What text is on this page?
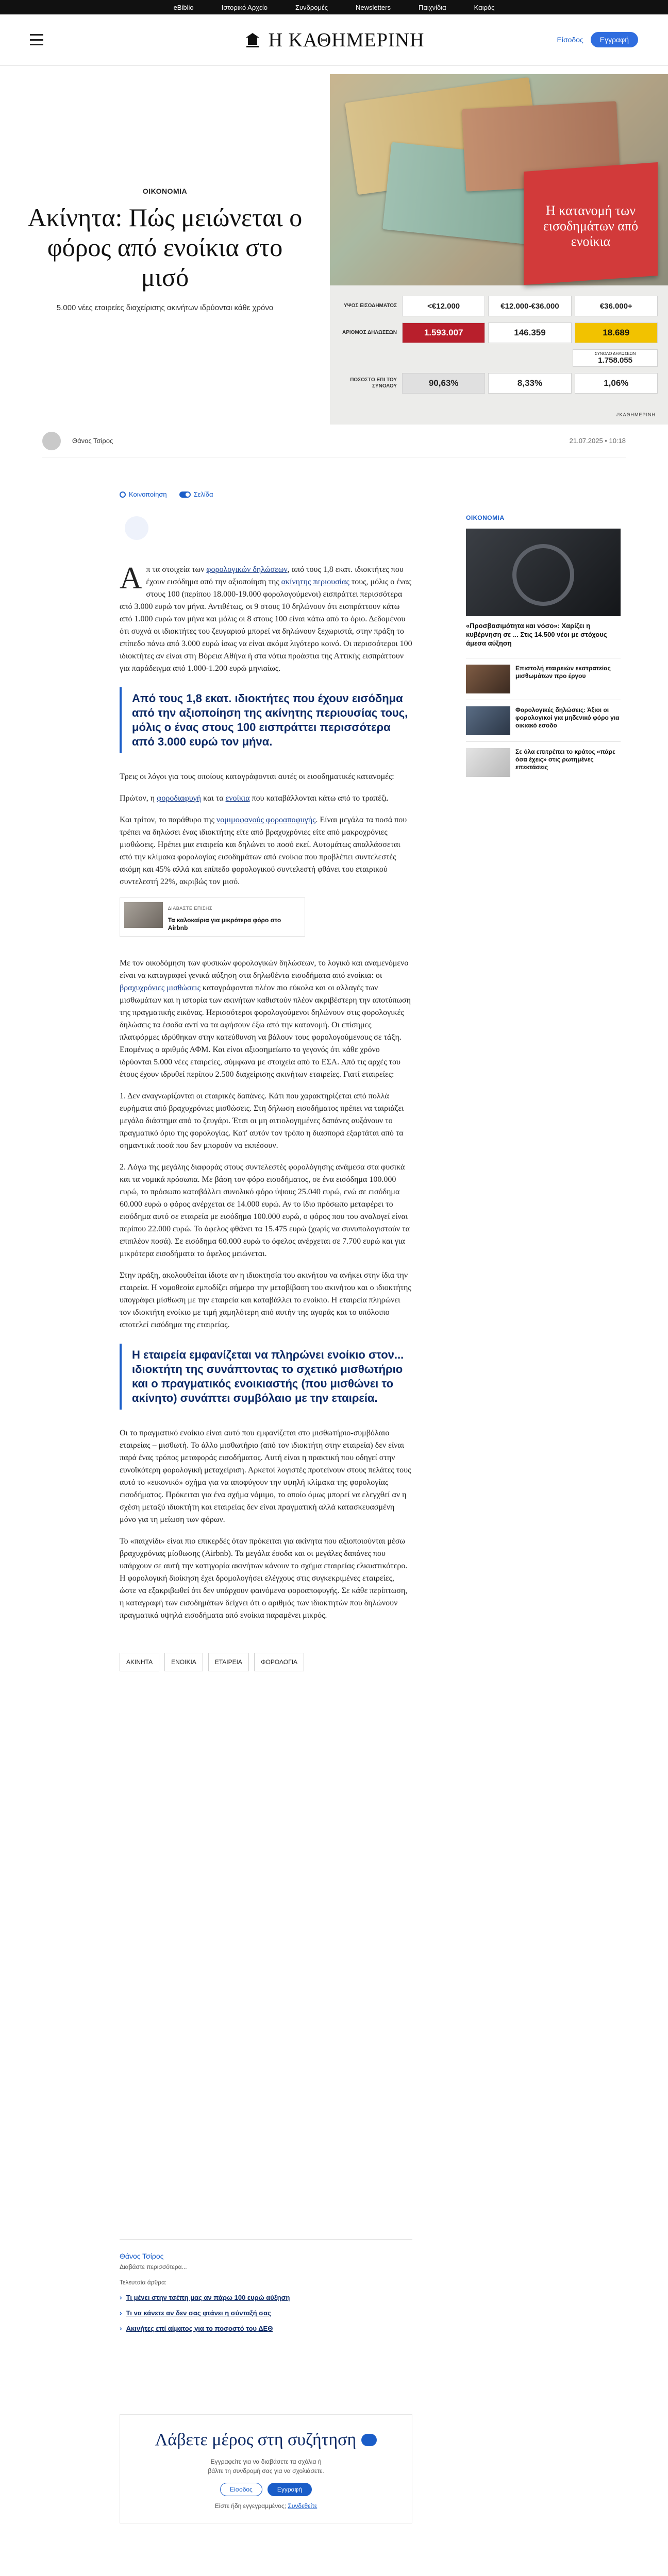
eBiblio	Ιστορικό Αρχείο	Συνδρομές	Newsletters	Παιχνίδια	Καιρός
Η ΚΑΘΗΜΕΡΙΝΗ	Είσοδος	Εγγραφή
ΟΙΚΟΝΟΜΙΑ
Ακίνητα: Πώς μειώνεται ο φόρος από ενοίκια στο μισό
5.000 νέες εταιρείες διαχείρισης ακινήτων ιδρύονται κάθε χρόνο
Η κατανομή των εισοδημάτων από ενοίκια
ΥΨΟΣ ΕΙΣΟΔΗΜΑΤΟΣ	<€12.000	€12.000-€36.000	€36.000+
ΑΡΙΘΜΟΣ ΔΗΛΩΣΕΩΝ	1.593.007	146.359	18.689
ΣΥΝΟΛΟ ΔΗΛΩΣΕΩΝ
1.758.055
ΠΟΣΟΣΤΟ ΕΠΙ ΤΟΥ ΣΥΝΟΛΟΥ	90,63%	8,33%	1,06%
#ΚΑΘΗΜΕΡΙΝΗ
Θάνος Τσίρος	21.07.2025 • 10:18
Κοινοποίηση	Σελίδα

Απ τα στοιχεία των φορολογικών δηλώσεων, από τους 1,8 εκατ. ιδιοκτήτες που έχουν εισόδημα από την αξιοποίηση της ακίνητης περιουσίας τους, μόλις ο ένας στους 100 (περίπου 18.000-19.000 φορολογούμενοι) εισπράττει περισσότερα από 3.000 ευρώ τον μήνα. Αντιθέτως, οι 9 στους 10 δηλώνουν ότι εισπράττουν κάτω από 1.000 ευρώ τον μήνα και μόλις οι 8 στους 100 είναι κάτω από το όριο. Δεδομένου ότι συχνά οι ιδιοκτήτες του ζευγαριού μπορεί να δηλώνουν ξεχωριστά, στην πράξη το επίπεδο πάνω από 3.000 ευρώ ίσως να είναι ακόμα λιγότερο κοινό. Οι περισσότεροι 100 ιδιοκτήτες αν είναι στη Βόρεια Αθήνα ή στα νότια προάστια της Αττικής εισπράττουν για παράδειγμα από 1.000-1.200 ευρώ μηνιαίως.

Από τους 1,8 εκατ. ιδιοκτήτες που έχουν εισόδημα από την αξιοποίηση της ακίνητης περιουσίας τους, μόλις ο ένας στους 100 εισπράττει περισσότερα από 3.000 ευρώ τον μήνα.

Τρεις οι λόγοι για τους οποίους καταγράφονται αυτές οι εισοδηματικές κατανομές:

Πρώτον, η φοροδιαφυγή και τα ενοίκια που καταβάλλονται κάτω από το τραπέζι.

Και τρίτον, το παράθυρο της νομιμοφανούς φοροαποφυγής. Είναι μεγάλα τα ποσά που τρέπει να δηλώσει ένας ιδιοκτήτης είτε από βραχυχρόνιες είτε από μακροχρόνιες μισθώσεις. Ηρέπει μια εταιρεία και δηλώνει το ποσό εκεί. Αυτομάτως απαλλάσσεται από την κλίμακα φορολογίας εισοδημάτων από ενοίκια που προβλέπει συντελεστές ακόμη και 45% αλλά και επίπεδο φορολογικού συντελεστή φθάνει του εταιρικού συντελεστή 22%, ακριβώς τον μισό.

ΔΙΑΒΑΣΤΕ ΕΠΙΣΗΣ
Τα καλοκαίρια για μικρότερα φόρο στο Airbnb

Με τον οικοδόμηση των φυσικών φορολογικών δηλώσεων, το λογικό και αναμενόμενο είναι να καταγραφεί γενικά αύξηση στα δηλωθέντα εισοδήματα από ενοίκια: οι βραχυχρόνιες μισθώσεις καταγράφονται πλέον πιο εύκολα και οι αλλαγές των μισθωμάτων και η ιστορία των ακινήτων καθιστούν πλέον ακριβέστερη την αποτύπωση της πραγματικής εικόνας. Ηερισσότεροι φορολογούμενοι δηλώνουν στις φορολογικές δηλώσεις τα έσοδα αντί να τα αφήσουν έξω από την κατανομή. Οι επίσημες πλατφόρμες ιδρύθηκαν στην κατεύθυνση να βάλουν τους φορολογούμενους σε τάξη. Επομένως ο αριθμός ΑΦΜ. Και είναι αξιοσημείωτο το γεγονός ότι κάθε χρόνο ιδρύονται 5.000 νέες εταιρείες, σύμφωνα με στοιχεία από το ΕΣΑ. Από τις αρχές του έτους έχουν ιδρυθεί περίπου 2.500 διαχείρισης ακινήτων εταιρείες. Γιατί εταιρείες:

1. Δεν αναγνωρίζονται οι εταιρικές δαπάνες. Κάτι που χαρακτηρίζεται από πολλά ευρήματα από βραχυχρόνιες μισθώσεις. Στη δήλωση εισοδήματος πρέπει να ταιριάζει μεγάλο διάστημα από το ζευγάρι. Έτσι οι μη αιτιολογημένες δαπάνες αυξάνουν το πραγματικό όριο της φορολογίας. Κατ' αυτόν τον τρόπο η διασπορά εξαρτάται από τα σημαντικά ποσά που δεν μπορούν να εκπέσουν.

2. Λόγω της μεγάλης διαφοράς στους συντελεστές φορολόγησης ανάμεσα στα φυσικά και τα νομικά πρόσωπα. Με βάση τον φόρο εισοδήματος, σε ένα εισόδημα 100.000 ευρώ, το πρόσωπο καταβάλλει συνολικό φόρο ύψους 25.040 ευρώ, ενώ σε εισόδημα 60.000 ευρώ ο φόρος ανέρχεται σε 14.000 ευρώ. Αν το ίδιο πρόσωπο μεταφέρει το εισόδημα αυτό σε εταιρεία με εισόδημα 100.000 ευρώ, ο φόρος που του αναλογεί είναι περίπου 22.000 ευρώ. Το όφελος φθάνει τα 15.475 ευρώ (χωρίς να συνυπολογιστούν τα επιπλέον ποσά). Σε εισόδημα 60.000 ευρώ το όφελος ανέρχεται σε 7.700 ευρώ και για μικρότερα εισοδήματα το όφελος μειώνεται.

Στην πράξη, ακολουθείται ίδιοτε αν η ιδιοκτησία του ακινήτου να ανήκει στην ίδια την εταιρεία. Η νομοθεσία εμποδίζει σήμερα την μεταβίβαση του ακινήτου και ο ιδιοκτήτης υπογράφει μίσθωση με την εταιρεία και καταβάλλει το ενοίκιο. Η εταιρεία πληρώνει τον ιδιοκτήτη ενοίκιο με τιμή χαμηλότερη από αυτήν της αγοράς και το υπόλοιπο αποτελεί εισόδημα της εταιρείας.

Η εταιρεία εμφανίζεται να πληρώνει ενοίκιο στον... ιδιοκτήτη της συνάπτοντας το σχετικό μισθωτήριο και ο πραγματικός ενοικιαστής (που μισθώνει το ακίνητο) συνάπτει συμβόλαιο με την εταιρεία.

Οι το πραγματικό ενοίκιο είναι αυτό που εμφανίζεται στο μισθωτήριο-συμβόλαιο εταιρείας – μισθωτή. Το άλλο μισθωτήριο (από τον ιδιοκτήτη στην εταιρεία) δεν είναι παρά ένας τρόπος μεταφοράς εισοδήματος. Αυτή είναι η πρακτική που οδηγεί στην ευνοϊκότερη φορολογική μεταχείριση. Αρκετοί λογιστές προτείνουν στους πελάτες τους αυτό το «εικονικό» σχήμα για να αποφύγουν την υψηλή κλίμακα της φορολογίας εισοδήματος. Πρόκειται για ένα σχήμα νόμιμο, το οποίο όμως μπορεί να ελεγχθεί αν η σχέση μεταξύ ιδιοκτήτη και εταιρείας δεν είναι πραγματική αλλά κατασκευασμένη μόνο για τη μείωση των φόρων.

Το «παιχνίδι» είναι πιο επικερδές όταν πρόκειται για ακίνητα που αξιοποιούνται μέσω βραχυχρόνιας μίσθωσης (Airbnb). Τα μεγάλα έσοδα και οι μεγάλες δαπάνες που υπάρχουν σε αυτή την κατηγορία ακινήτων κάνουν το σχήμα εταιρείας ελκυστικότερο. Η φορολογική διοίκηση έχει δρομολογήσει ελέγχους στις συγκεκριμένες εταιρείες, ώστε να εξακριβωθεί ότι δεν υπάρχουν φαινόμενα φοροαποφυγής. Σε κάθε περίπτωση, η καταγραφή των εισοδημάτων δείχνει ότι ο αριθμός των ιδιοκτητών που δηλώνουν πραγματικά υψηλά εισοδήματα από ενοίκια παραμένει μικρός.

ΑΚΙΝΗΤΑ	ΕΝΟΙΚΙΑ	ΕΤΑΙΡΕΙΑ	ΦΟΡΟΛΟΓΙΑ
ΟΙΚΟΝΟΜΙΑ
«Προσβασιμότητα και νόσο»: Χαρίζει η κυβέρνηση σε ... Στις 14.500 νέοι με στόχους άμεσα αύξηση
Επιστολή εταιρειών εκστρατείας μισθωμάτων προ έργου
Φορολογικές δηλώσεις: Άξιοι οι φορολογικοί για μηδενικό φόρο για οικιακό εσοδο
Σε όλα επιτρέπει το κράτος «πάρε όσα έχεις» στις ρωτημένες επεκτάσεις
Θάνος Τσίρος
Διαβάστε περισσότερα...
Τελευταία άρθρα:
› Τι μένει στην τσέπη μας αν πάρω 100 ευρώ αύξηση
› Τι να κάνετε αν δεν σας φτάνει η σύνταξή σας
› Ακινήτες επί αίματος για το ποσοστό του ΔΕΘ
Λάβετε μέρος στη συζήτηση
Εγγραφείτε για να διαβάσετε τα σχόλια ή
βάλτε τη συνδρομή σας για να σχολιάσετε.
Είσοδος	Εγγραφή
Είστε ήδη εγγεγραμμένος; Συνδεθείτε
